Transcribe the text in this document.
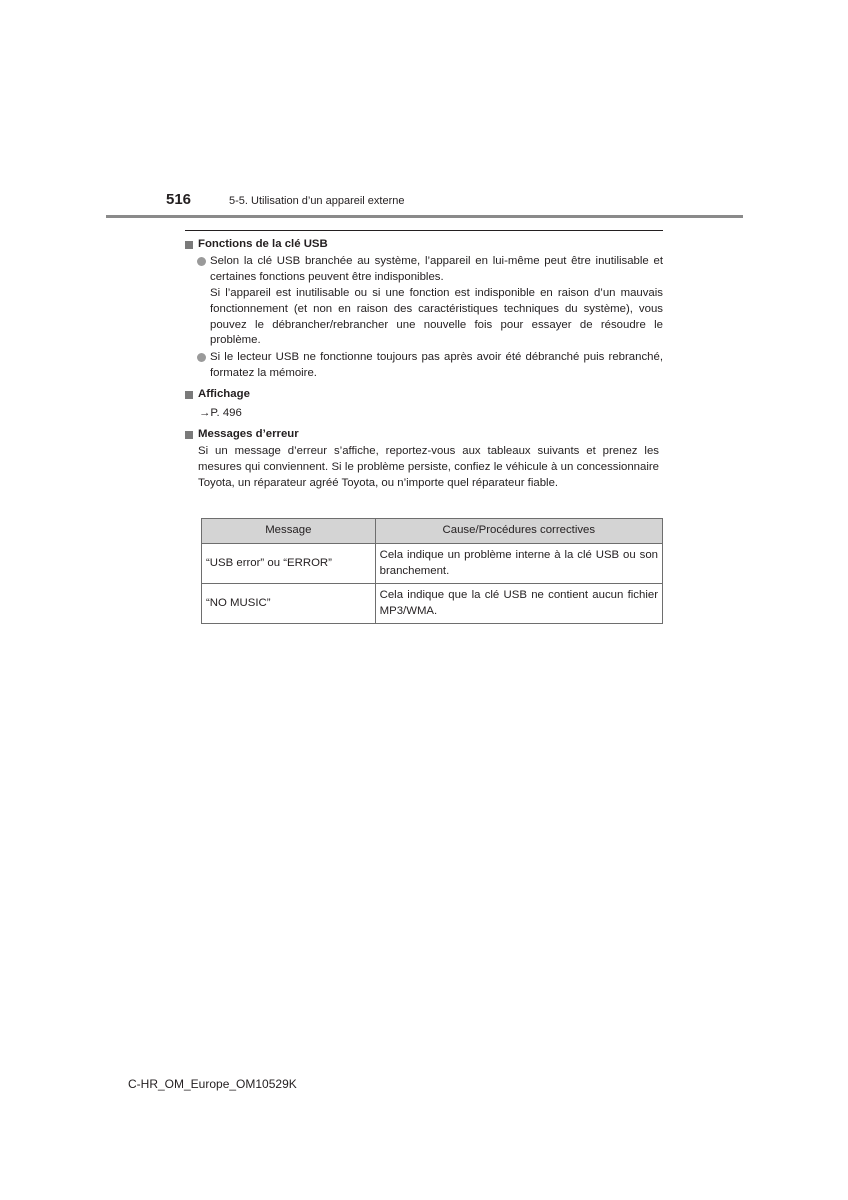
516	5-5. Utilisation d’un appareil externe
Fonctions de la clé USB

Selon la clé USB branchée au système, l’appareil en lui-même peut être inutilisable et certaines fonctions peuvent être indisponibles.

Si l’appareil est inutilisable ou si une fonction est indisponible en raison d’un mauvais fonctionnement (et non en raison des caractéristiques techniques du système), vous pouvez le débrancher/rebrancher une nouvelle fois pour essayer de résoudre le problème.

Si le lecteur USB ne fonctionne toujours pas après avoir été débranché puis rebranché, formatez la mémoire.

Affichage
→P. 496
Messages d’erreur
Si un message d’erreur s’affiche, reportez-vous aux tableaux suivants et prenez les mesures qui conviennent. Si le problème persiste, confiez le véhicule à un concessionnaire Toyota, un réparateur agréé Toyota, ou n’importe quel réparateur fiable.
Message	Cause/Procédures correctives
“USB error” ou “ERROR”	Cela indique un problème interne à la clé USB ou son branchement.
“NO MUSIC”	Cela indique que la clé USB ne contient aucun fichier MP3/WMA.
C-HR_OM_Europe_OM10529K
